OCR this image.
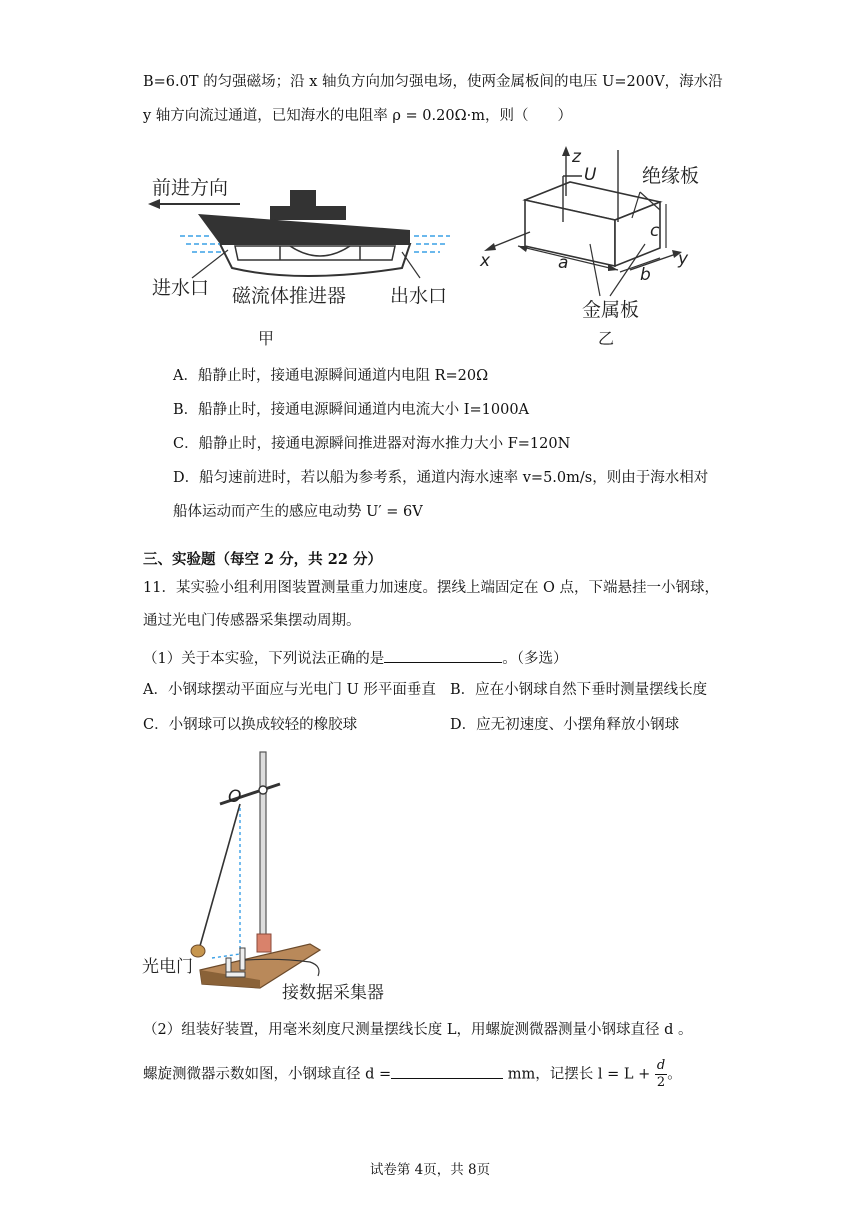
B=6.0T 的匀强磁场；沿 x 轴负方向加匀强电场，使两金属板间的电压 U=200V，海水沿
y 轴方向流过通道，已知海水的电阻率 ρ = 0.20Ω·m，则（　　）
前进方向
进水口 磁流体推进器 出水口
甲
z
x	y
U
a
b
c
绝缘板
金属板
乙
A．船静止时，接通电源瞬间通道内电阻 R=20Ω
B．船静止时，接通电源瞬间通道内电流大小 I=1000A
C．船静止时，接通电源瞬间推进器对海水推力大小 F=120N
D．船匀速前进时，若以船为参考系，通道内海水速率 v=5.0m/s，则由于海水相对
船体运动而产生的感应电动势 U′ = 6V
三、实验题（每空 2 分，共 22 分）
11．某实验小组利用图装置测量重力加速度。摆线上端固定在 O 点，下端悬挂一小钢球，
通过光电门传感器采集摆动周期。
（1）关于本实验，下列说法正确的是	。（多选）
A．小钢球摆动平面应与光电门 U 形平面垂直 B．应在小钢球自然下垂时测量摆线长度
C．小钢球可以换成较轻的橡胶球	D．应无初速度、小摆角释放小钢球
O
光电门
接数据采集器
（2）组装好装置，用毫米刻度尺测量摆线长度 L，用螺旋测微器测量小钢球直径 d 。
螺旋测微器示数如图，小钢球直径 d =	mm，记摆长 $l = L + \frac{d}{2}$ 。
试卷第 4页，共 8页
